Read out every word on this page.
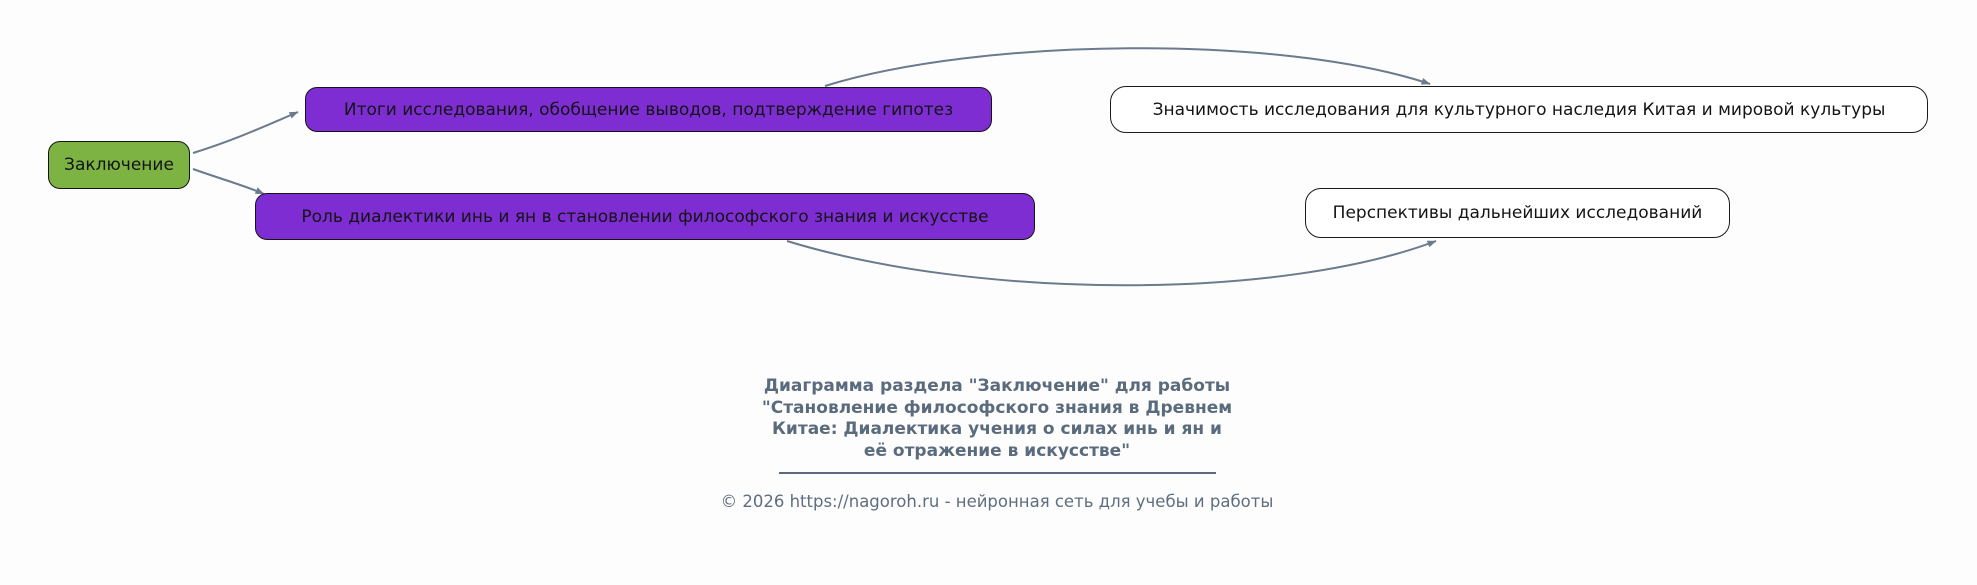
Заключение
Итоги исследования, обобщение выводов, подтверждение гипотез
Роль диалектики инь и ян в становлении философского знания и искусстве
Значимость исследования для культурного наследия Китая и мировой культуры
Перспективы дальнейших исследований
Диаграмма раздела "Заключение" для работы
"Становление философского знания в Древнем
Китае: Диалектика учения о силах инь и ян и
её отражение в искусстве"
© 2026 https://nagoroh.ru - нейронная сеть для учебы и работы
